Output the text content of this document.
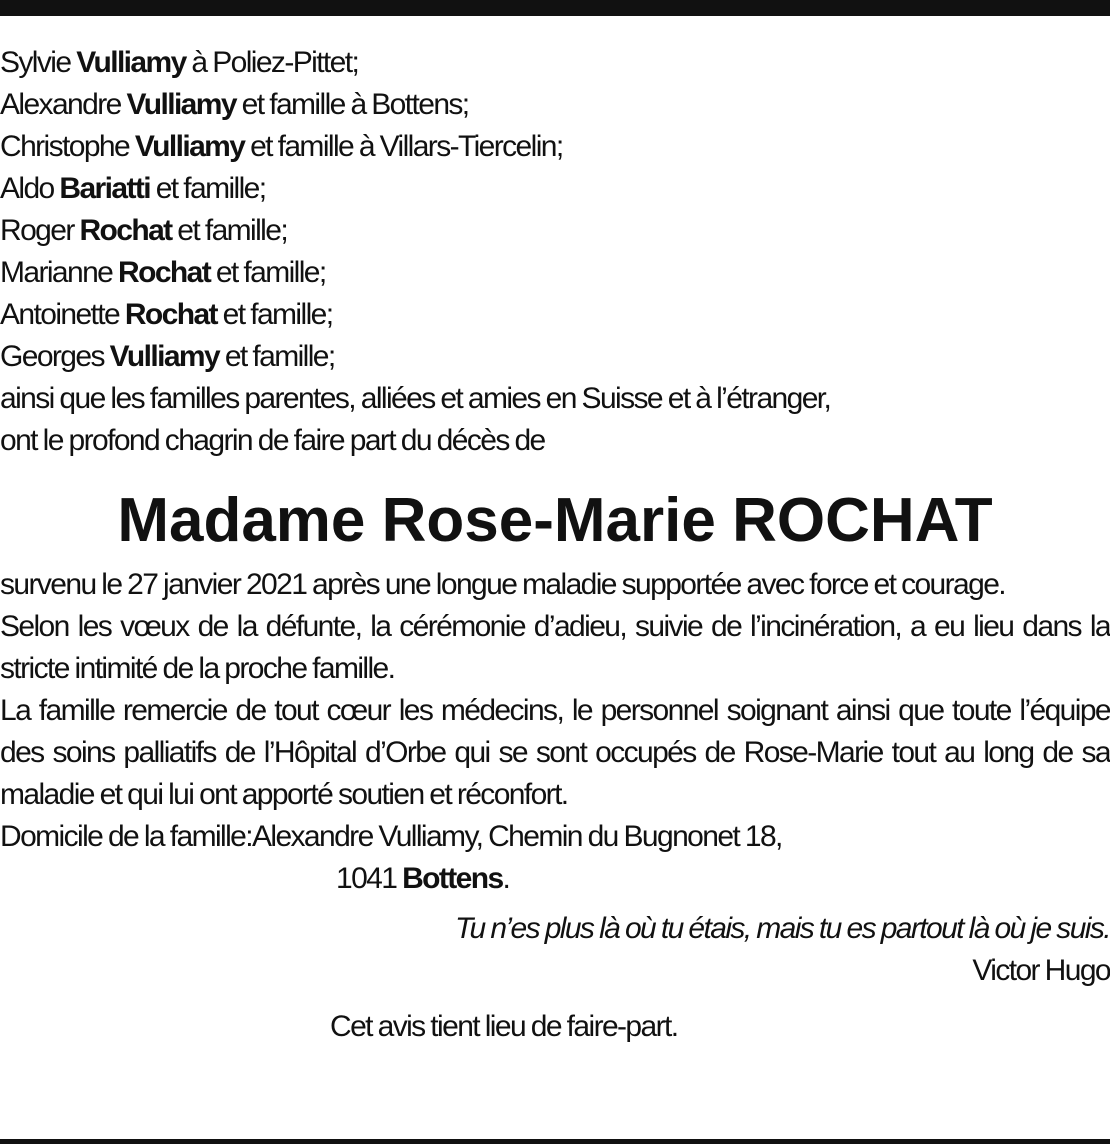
Sylvie Vulliamy à Poliez-Pittet;
Alexandre Vulliamy et famille à Bottens;
Christophe Vulliamy et famille à Villars-Tiercelin;
Aldo Bariatti et famille;
Roger Rochat et famille;
Marianne Rochat et famille;
Antoinette Rochat et famille;
Georges Vulliamy et famille;
ainsi que les familles parentes, alliées et amies en Suisse et à l’étranger,
ont le profond chagrin de faire part du décès de
Madame Rose-Marie ROCHAT
survenu le 27 janvier 2021 après une longue maladie supportée avec force et courage.
Selon les vœux de la défunte, la cérémonie d’adieu, suivie de l’incinération, a eu lieu dans la stricte intimité de la proche famille.
La famille remercie de tout cœur les médecins, le personnel soignant ainsi que toute l’équipe des soins palliatifs de l’Hôpital d’Orbe qui se sont occupés de Rose-Marie tout au long de sa maladie et qui lui ont apporté soutien et réconfort.
Domicile de la famille:Alexandre Vulliamy, Chemin du Bugnonet 18,
1041 Bottens.
Tu n’es plus là où tu étais, mais tu es partout là où je suis.
Victor Hugo
Cet avis tient lieu de faire-part.
